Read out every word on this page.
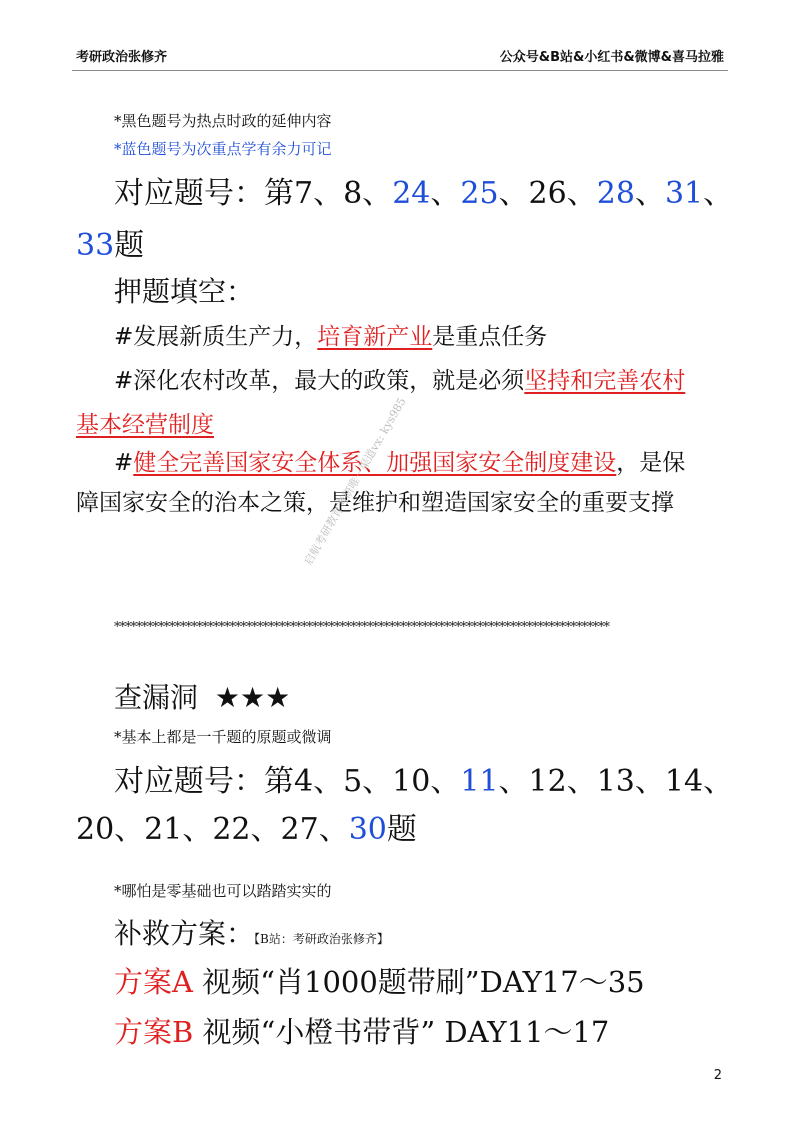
考研政治张修齐	公众号&B站&小红书&微博&喜马拉雅
*黑色题号为热点时政的延伸内容
*蓝色题号为次重点学有余力可记
对应题号：第7、8、24、25、26、28、31、
33题
押题填空：
#发展新质生产力，培育新产业是重点任务
#深化农村改革，最大的政策，就是必须坚持和完善农村
基本经营制度
#健全完善国家安全体系、加强国家安全制度建设，是保
障国家安全的治本之策，是维护和塑造国家安全的重要支撑
启航考研教育考研唯一渠道vx: kys985
******************************************************************************************
查漏洞 ★★★
*基本上都是一千题的原题或微调
对应题号：第4、5、10、11、12、13、14、
20、21、22、27、30题
*哪怕是零基础也可以踏踏实实的
补救方案：【B站：考研政治张修齐】
方案A 视频“肖1000题带刷”DAY17～35
方案B 视频“小橙书带背” DAY11～17
2
